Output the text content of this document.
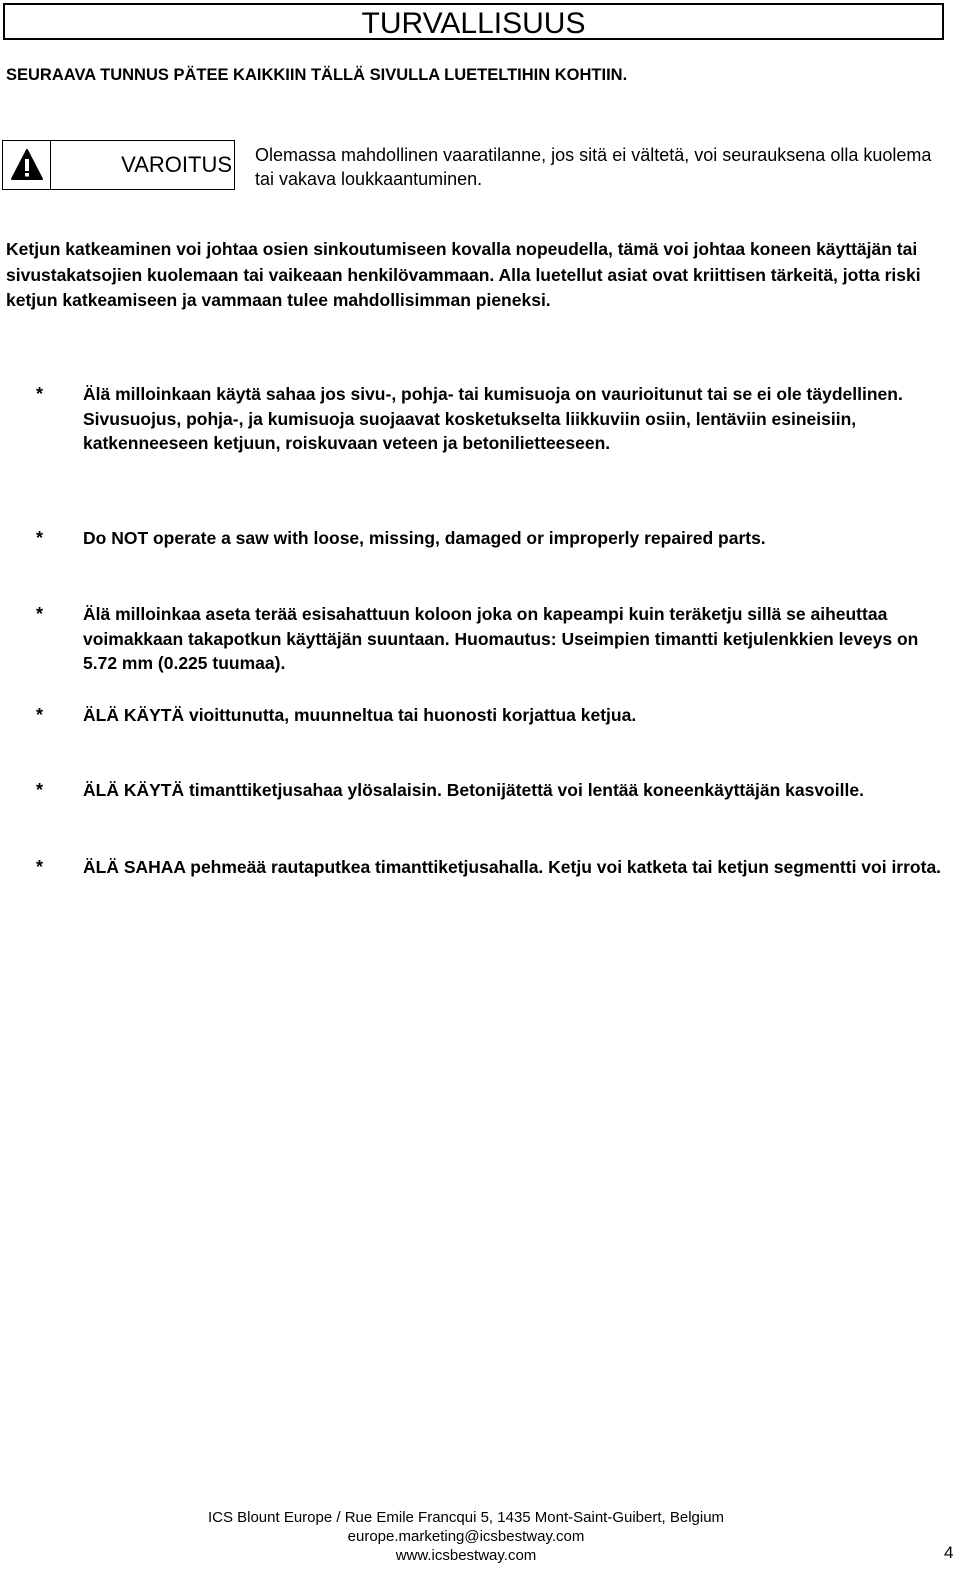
TURVALLISUUS

SEURAAVA TUNNUS PÄTEE KAIKKIIN TÄLLÄ SIVULLA LUETELTIHIN KOHTIIN.

VAROITUS Olemassa mahdollinen vaaratilanne, jos sitä ei vältetä, voi seurauksena olla kuolema tai vakava loukkaantuminen.

Ketjun katkeaminen voi johtaa osien sinkoutumiseen kovalla nopeudella, tämä voi johtaa koneen käyttäjän tai sivustakatsojien kuolemaan tai vaikeaan henkilövammaan. Alla luetellut asiat ovat kriittisen tärkeitä, jotta riski ketjun katkeamiseen ja vammaan tulee mahdollisimman pieneksi.

* Älä milloinkaan käytä sahaa jos sivu-, pohja- tai kumisuoja on vaurioitunut tai se ei ole täydellinen. Sivusuojus, pohja-, ja kumisuoja suojaavat kosketukselta liikkuviin osiin, lentäviin esineisiin, katkenneeseen ketjuun, roiskuvaan veteen ja betonilietteeseen.

* Do NOT operate a saw with loose, missing, damaged or improperly repaired parts.

* Älä milloinkaa aseta terää esisahattuun koloon joka on kapeampi kuin teräketju sillä se aiheuttaa voimakkaan takapotkun käyttäjän suuntaan. Huomautus: Useimpien timantti ketjulenkkien leveys on 5.72 mm (0.225 tuumaa).

* ÄLÄ KÄYTÄ vioittunutta, muunneltua tai huonosti korjattua ketjua.

* ÄLÄ KÄYTÄ timanttiketjusahaa ylösalaisin. Betonijätettä voi lentää koneenkäyttäjän kasvoille.

* ÄLÄ SAHAA pehmeää rautaputkea timanttiketjusahalla. Ketju voi katketa tai ketjun segmentti voi irrota.

ICS Blount Europe / Rue Emile Francqui 5, 1435 Mont-Saint-Guibert, Belgium
europe.marketing@icsbestway.com
www.icsbestway.com	4
